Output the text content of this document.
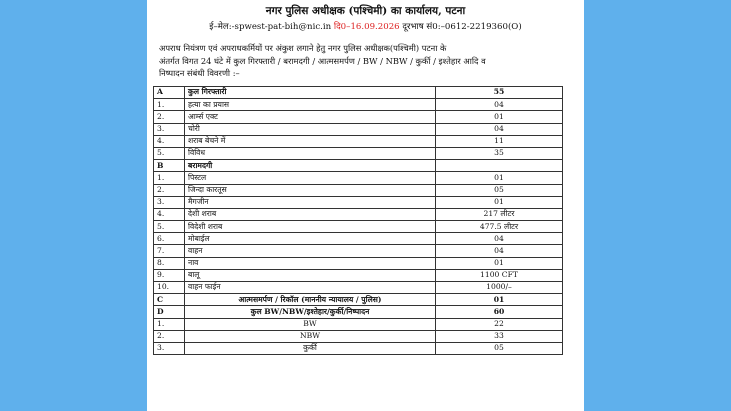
नगर पुलिस अधीक्षक (पश्चिमी) का कार्यालय, पटना
ई–मेल:-spwest-pat-bih@nic.in दि0–16.09.2026 दूरभाष सं0:–0612-2219360(O)
अपराध नियंत्रण एवं अपराधकर्मियों पर अंकुश लगाने हेतु नगर पुलिस अधीक्षक(पश्चिमी) पटना के
अंतर्गत विगत 24 घंटे में कुल गिरफ्तारी / बरामदगी / आत्मसमर्पण / BW / NBW / कुर्की / इश्तेहार आदि व
निष्पादन संबंधी विवरणी :–
A	कुल गिरफ्तारी	55
1.	हत्या का प्रयास	04
2.	आर्म्स एक्ट	01
3.	चोरी	04
4.	शराब बेचने में	11
5.	विविध	35
B	बरामदगी	
1.	पिस्टल	01
2.	जिन्दा कारतूस	05
3.	मैगजीन	01
4.	देशी शराब	217 लीटर
5.	विदेशी शराब	477.5 लीटर
6.	मोबाईल	04
7.	वाहन	04
8.	नाव	01
9.	बालू	1100 CFT
10.	वाहन फाईन	1000/–
C	आत्मसमर्पण / रिकॉल (माननीय न्यायालय / पुलिस)	01
D	कुल BW/NBW/इश्तेहार/कुर्की/निष्पादन	60
1.	BW	22
2.	NBW	33
3.	कुर्की	05
